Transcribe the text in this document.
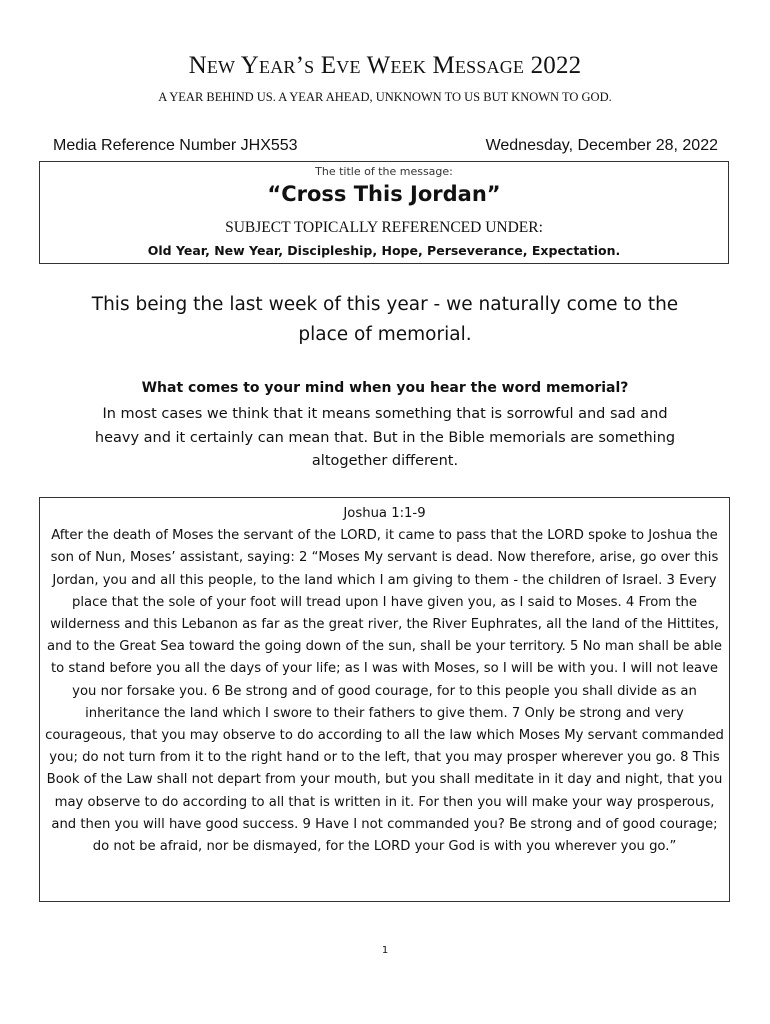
New Year’s Eve Week Message 2022
A YEAR BEHIND US. A YEAR AHEAD, UNKNOWN TO US BUT KNOWN TO GOD.
Media Reference Number JHX553	Wednesday, December 28, 2022
The title of the message:
“Cross This Jordan”
SUBJECT TOPICALLY REFERENCED UNDER:
Old Year, New Year, Discipleship, Hope, Perseverance, Expectation.
This being the last week of this year - we naturally come to the place of memorial.
What comes to your mind when you hear the word memorial?
In most cases we think that it means something that is sorrowful and sad and heavy and it certainly can mean that. But in the Bible memorials are something altogether different.
Joshua 1:1-9
After the death of Moses the servant of the LORD, it came to pass that the LORD spoke to Joshua the son of Nun, Moses’ assistant, saying: 2 “Moses My servant is dead. Now therefore, arise, go over this Jordan, you and all this people, to the land which I am giving to them - the children of Israel. 3 Every place that the sole of your foot will tread upon I have given you, as I said to Moses. 4 From the wilderness and this Lebanon as far as the great river, the River Euphrates, all the land of the Hittites, and to the Great Sea toward the going down of the sun, shall be your territory. 5 No man shall be able to stand before you all the days of your life; as I was with Moses, so I will be with you. I will not leave you nor forsake you. 6 Be strong and of good courage, for to this people you shall divide as an inheritance the land which I swore to their fathers to give them. 7 Only be strong and very courageous, that you may observe to do according to all the law which Moses My servant commanded you; do not turn from it to the right hand or to the left, that you may prosper wherever you go. 8 This Book of the Law shall not depart from your mouth, but you shall meditate in it day and night, that you may observe to do according to all that is written in it. For then you will make your way prosperous, and then you will have good success. 9 Have I not commanded you? Be strong and of good courage; do not be afraid, nor be dismayed, for the LORD your God is with you wherever you go.”
1
